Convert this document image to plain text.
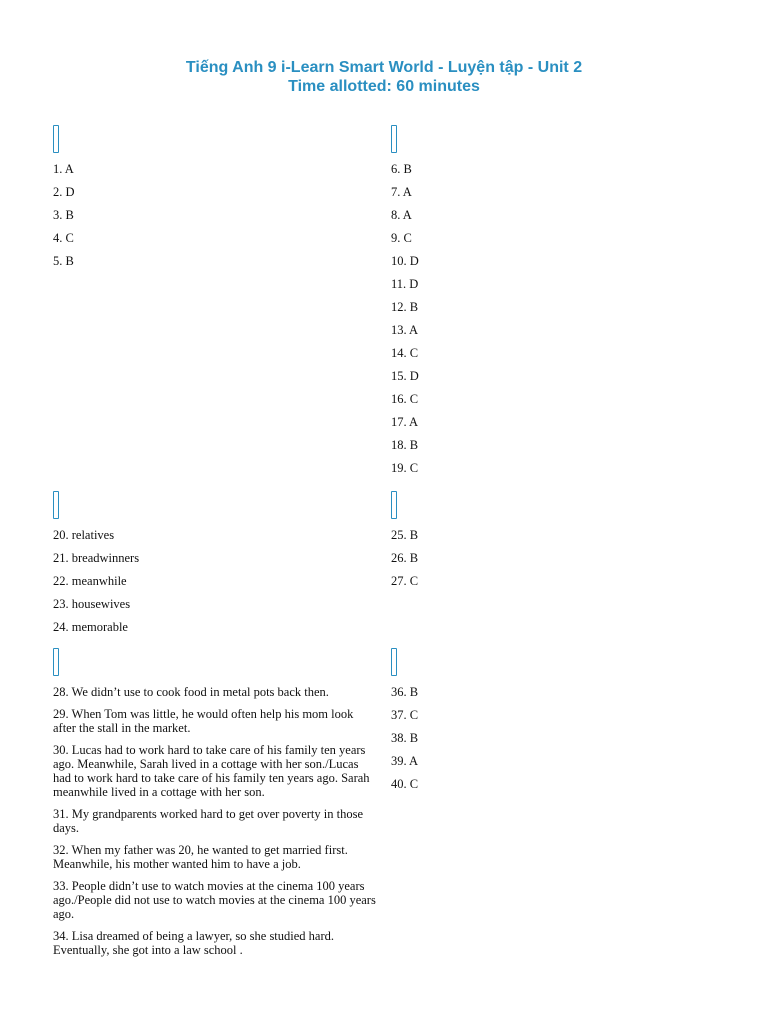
Tiếng Anh 9 i-Learn Smart World - Luyện tập - Unit 2
Time allotted: 60 minutes
1. A
2. D
3. B
4. C
5. B
6. B
7. A
8. A
9. C
10. D
11. D
12. B
13. A
14. C
15. D
16. C
17. A
18. B
19. C
20. relatives
21. breadwinners
22. meanwhile
23. housewives
24. memorable
25. B
26. B
27. C
28. We didn’t use to cook food in metal pots back then.
29. When Tom was little, he would often help his mom look after the stall in the market.
30. Lucas had to work hard to take care of his family ten years ago. Meanwhile, Sarah lived in a cottage with her son./Lucas had to work hard to take care of his family ten years ago. Sarah meanwhile lived in a cottage with her son.
31. My grandparents worked hard to get over poverty in those days.
32. When my father was 20, he wanted to get married first. Meanwhile, his mother wanted him to have a job.
33. People didn’t use to watch movies at the cinema 100 years ago./People did not use to watch movies at the cinema 100 years ago.
34. Lisa dreamed of being a lawyer, so she studied hard. Eventually, she got into a law school .
36. B
37. C
38. B
39. A
40. C
